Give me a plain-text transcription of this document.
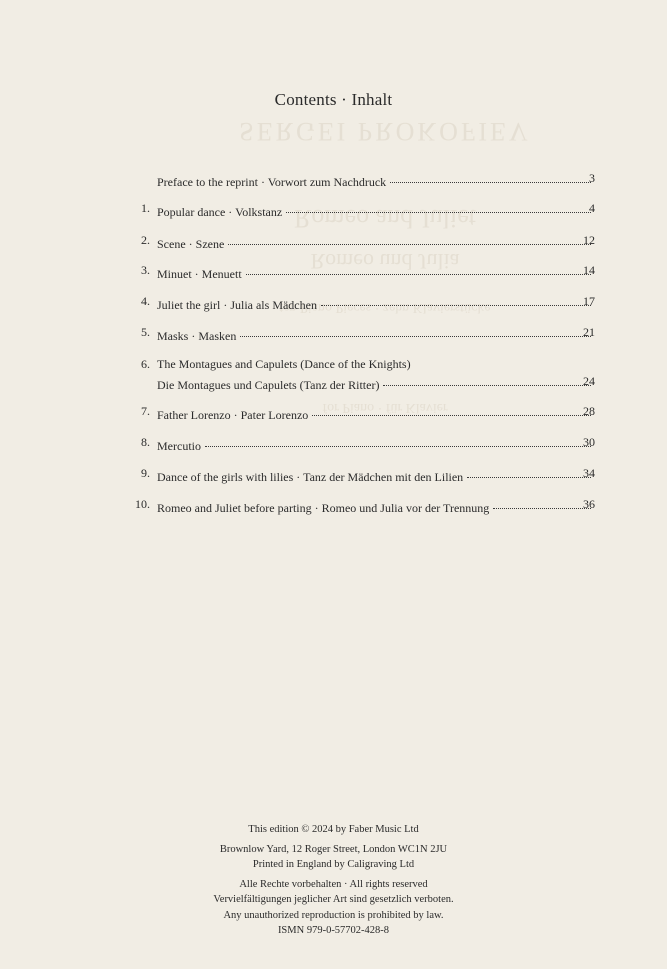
SERGEI PROKOFIEV
Romeo and Juliet
Romeo und Julia
ten Piano Pieces · zehn Klavierstücke
for Piano · für Klavier
Contents · Inhalt
Preface to the reprint · Vorwort zum Nachdruck	3
1. Popular dance · Volkstanz	4
2. Scene · Szene	12
3. Minuet · Menuett	14
4. Juliet the girl · Julia als Mädchen	17
5. Masks · Masken	21
6. The Montagues and Capulets (Dance of the Knights)
Die Montagues und Capulets (Tanz der Ritter)	24
7. Father Lorenzo · Pater Lorenzo	28
8. Mercutio	30
9. Dance of the girls with lilies · Tanz der Mädchen mit den Lilien	34
10. Romeo and Juliet before parting · Romeo und Julia vor der Trennung	36
This edition © 2024 by Faber Music Ltd
Brownlow Yard, 12 Roger Street, London WC1N 2JU
Printed in England by Caligraving Ltd
Alle Rechte vorbehalten · All rights reserved
Vervielfältigungen jeglicher Art sind gesetzlich verboten.
Any unauthorized reproduction is prohibited by law.
ISMN 979-0-57702-428-8
